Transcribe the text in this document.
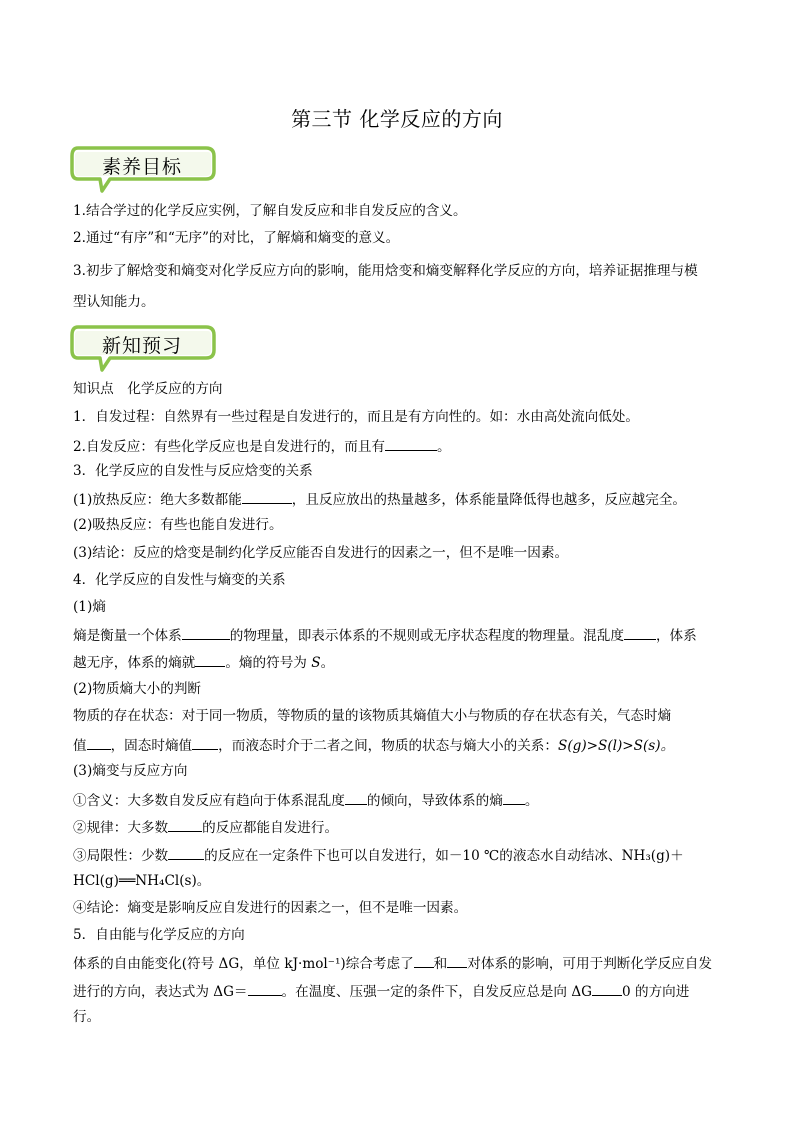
第三节 化学反应的方向
素养目标
1.结合学过的化学反应实例，了解自发反应和非自发反应的含义。
2.通过“有序”和“无序”的对比，了解熵和熵变的意义。
3.初步了解焓变和熵变对化学反应方向的影响，能用焓变和熵变解释化学反应的方向，培养证据推理与模
型认知能力。
新知预习
知识点　化学反应的方向
1．自发过程：自然界有一些过程是自发进行的，而且是有方向性的。如：水由高处流向低处。
2.自发反应：有些化学反应也是自发进行的，而且有	。
3．化学反应的自发性与反应焓变的关系
(1)放热反应：绝大多数都能	，且反应放出的热量越多，体系能量降低得也越多，反应越完全。
(2)吸热反应：有些也能自发进行。
(3)结论：反应的焓变是制约化学反应能否自发进行的因素之一，但不是唯一因素。
4．化学反应的自发性与熵变的关系
(1)熵
熵是衡量一个体系	的物理量，即表示体系的不规则或无序状态程度的物理量。混乱度 ，体系
越无序，体系的熵就 。熵的符号为 S。
(2)物质熵大小的判断
物质的存在状态：对于同一物质，等物质的量的该物质其熵值大小与物质的存在状态有关，气态时熵
值 ，固态时熵值 ，而液态时介于二者之间，物质的状态与熵大小的关系：S(g)>S(l)>S(s)。
(3)熵变与反应方向
①含义：大多数自发反应有趋向于体系混乱度 的倾向，导致体系的熵 。
②规律：大多数	的反应都能自发进行。
③局限性：少数	的反应在一定条件下也可以自发进行，如－10 ℃的液态水自动结冰、NH₃(g)＋
HCl(g)══NH₄Cl(s)。
④结论：熵变是影响反应自发进行的因素之一，但不是唯一因素。
5．自由能与化学反应的方向
体系的自由能变化(符号 ΔG，单位 kJ·mol⁻¹)综合考虑了 和 对体系的影响，可用于判断化学反应自发
进行的方向，表达式为 ΔG＝	。在温度、压强一定的条件下，自发反应总是向 ΔG 0 的方向进
行。
